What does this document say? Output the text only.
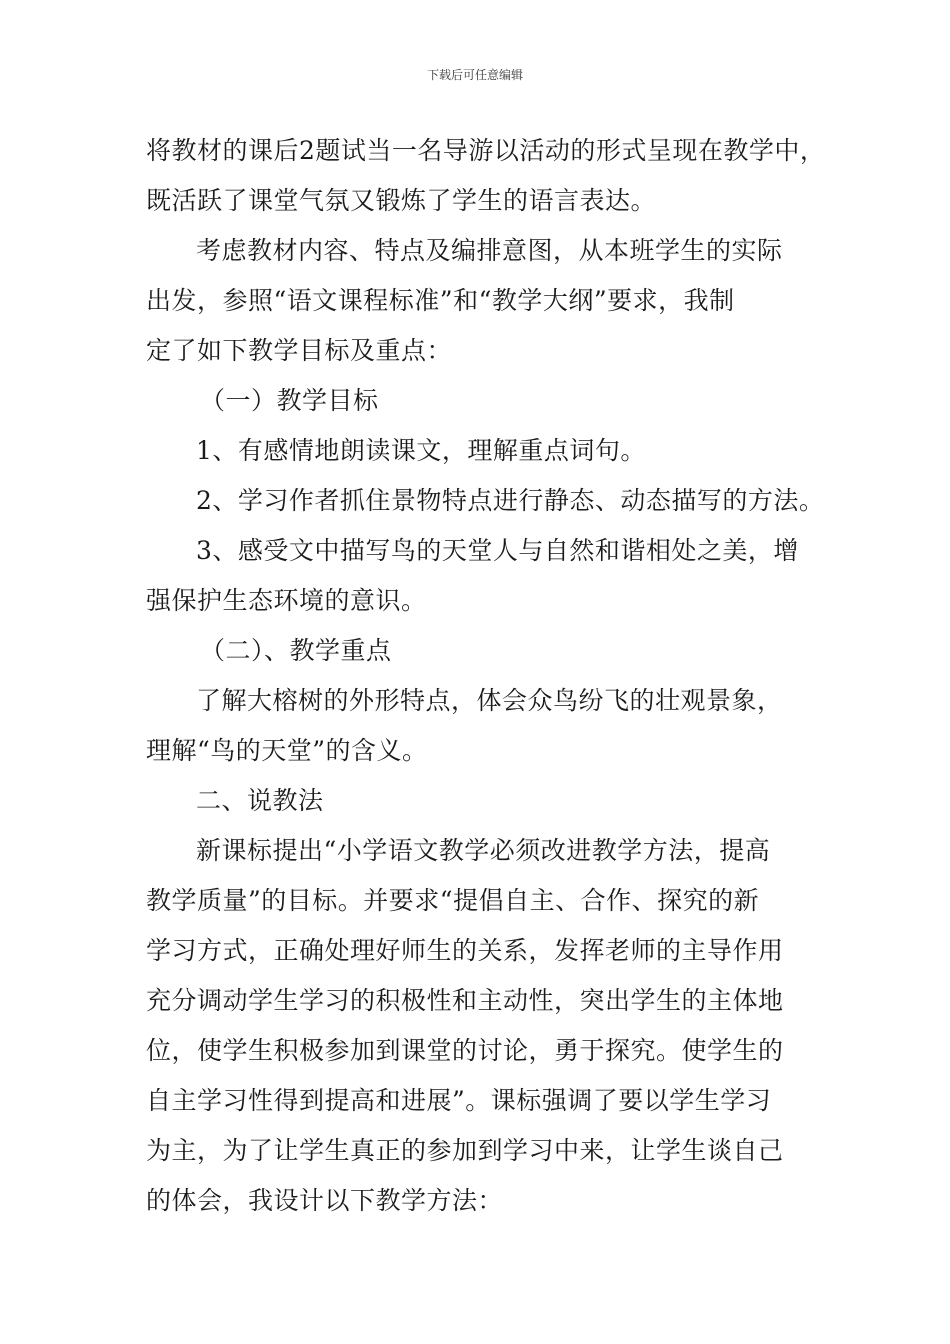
下载后可任意编辑
将教材的课后2题试当一名导游以活动的形式呈现在教学中，
既活跃了课堂气氛又锻炼了学生的语言表达。
考虑教材内容、特点及编排意图，从本班学生的实际
出发，参照“语文课程标准”和“教学大纲”要求，我制
定了如下教学目标及重点：
（一）教学目标
1、有感情地朗读课文，理解重点词句。
2、学习作者抓住景物特点进行静态、动态描写的方法。
3、感受文中描写鸟的天堂人与自然和谐相处之美，增
强保护生态环境的意识。
（二）、教学重点
了解大榕树的外形特点，体会众鸟纷飞的壮观景象，
理解“鸟的天堂”的含义。
二、说教法
新课标提出“小学语文教学必须改进教学方法，提高
教学质量”的目标。并要求“提倡自主、合作、探究的新
学习方式，正确处理好师生的关系，发挥老师的主导作用
充分调动学生学习的积极性和主动性，突出学生的主体地
位，使学生积极参加到课堂的讨论，勇于探究。使学生的
自主学习性得到提高和进展”。课标强调了要以学生学习
为主，为了让学生真正的参加到学习中来，让学生谈自己
的体会，我设计以下教学方法：
